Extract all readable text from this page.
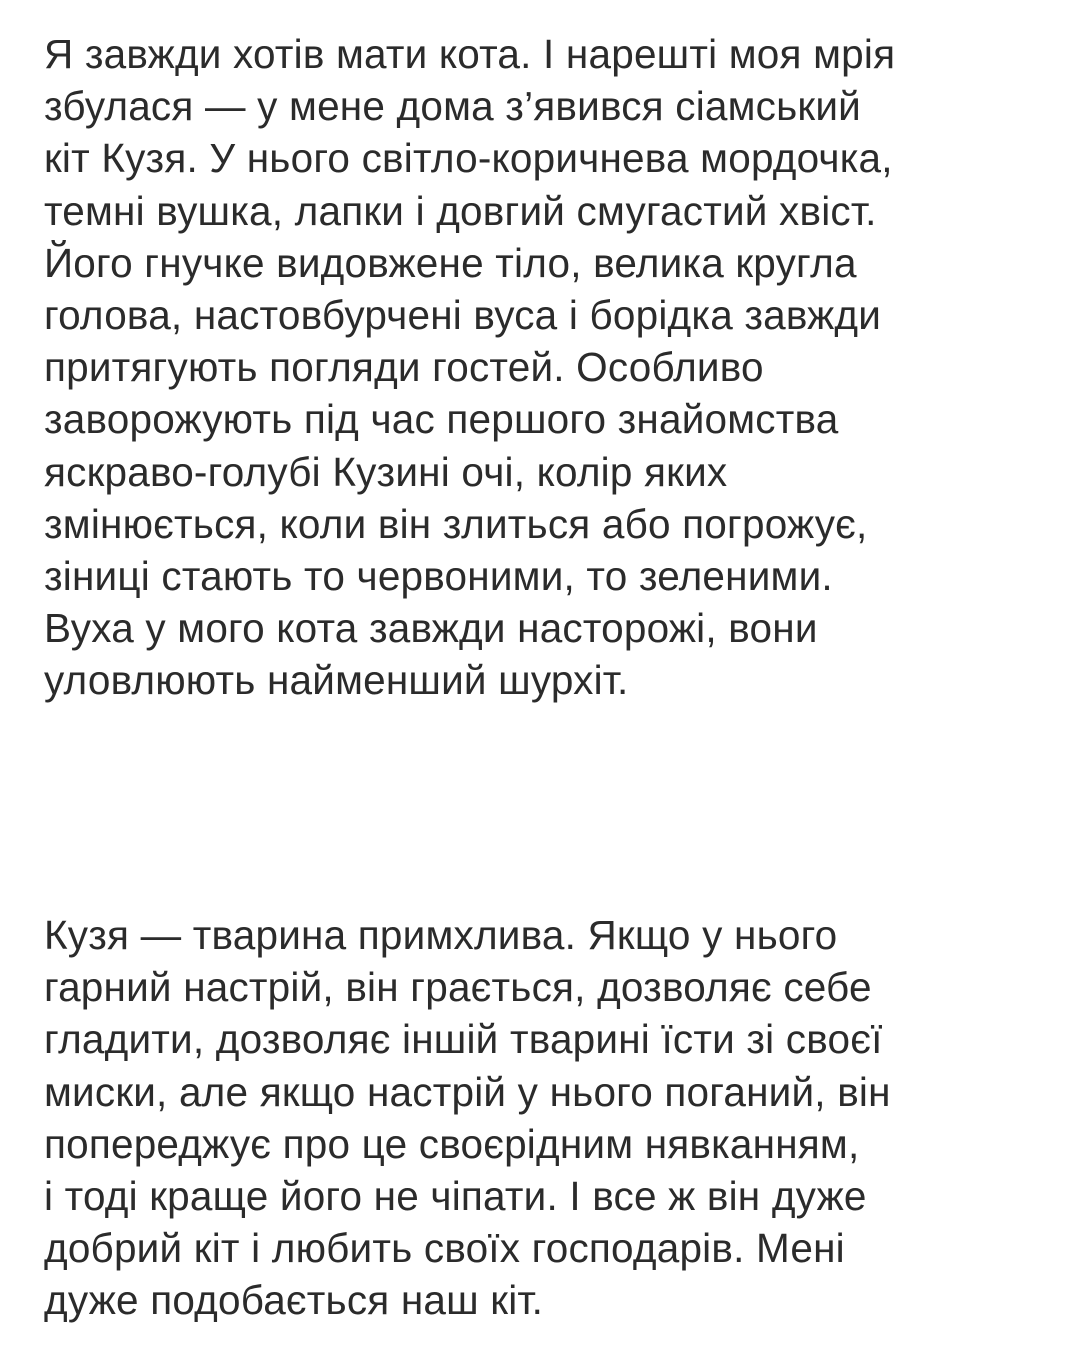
Я завжди хотів мати кота. І нарешті моя мрія
збулася — у мене дома з’явився сіамський
кіт Кузя. У нього світло-коричнева мордочка,
темні вушка, лапки і довгий смугастий хвіст.
Його гнучке видовжене тіло, велика кругла
голова, настовбурчені вуса і борідка завжди
притягують погляди гостей. Особливо
заворожують під час першого знайомства
яскраво-голубі Кузині очі, колір яких
змінюється, коли він злиться або погрожує,
зіниці стають то червоними, то зеленими.
Вуха у мого кота завжди насторожі, вони
уловлюють найменший шурхіт.

Кузя — тварина примхлива. Якщо у нього
гарний настрій, він грається, дозволяє себе
гладити, дозволяє іншій тварині їсти зі своєї
миски, але якщо настрій у нього поганий, він
попереджує про це своєрідним нявканням,
і тоді краще його не чіпати. І все ж він дуже
добрий кіт і любить своїх господарів. Мені
дуже подобається наш кіт.
